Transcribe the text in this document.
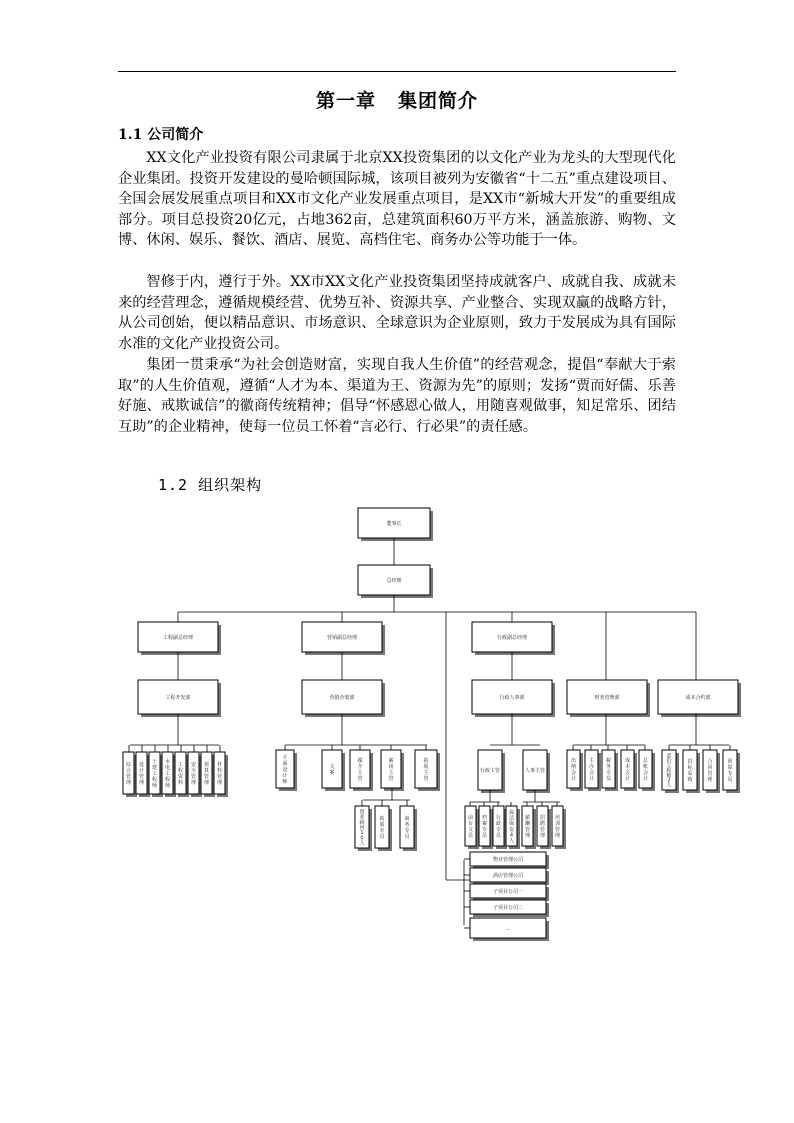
第一章 集团简介
1.1 公司简介

XX文化产业投资有限公司隶属于北京XX投资集团的以文化产业为龙头的大型现代化企业集团。投资开发建设的曼哈顿国际城，该项目被列为安徽省“十二五”重点建设项目、全国会展发展重点项目和XX市文化产业发展重点项目，是XX市“新城大开发”的重要组成部分。项目总投资20亿元，占地362亩，总建筑面积60万平方米，涵盖旅游、购物、文博、休闲、娱乐、餐饮、酒店、展览、高档住宅、商务办公等功能于一体。

智修于内，遵行于外。XX市XX文化产业投资集团坚持成就客户、成就自我、成就未来的经营理念，遵循规模经营、优势互补、资源共享、产业整合、实现双赢的战略方针，从公司创始，便以精品意识、市场意识、全球意识为企业原则，致力于发展成为具有国际水准的文化产业投资公司。

集团一贯秉承“为社会创造财富，实现自我人生价值”的经营观念，提倡“奉献大于索取”的人生价值观，遵循“人才为本、渠道为王、资源为先”的原则；发扬“贾而好儒、乐善好施、戒欺诚信”的徽商传统精神；倡导“怀感恩心做人，用随喜观做事，知足常乐、团结互助”的企业精神，使每一位员工怀着“言必行、行必果”的责任感。

1.2 组织架构
董事长
总经理
工程副总经理	营销副总经理	行政副总经理
工程开发部	营销企划部	行政人事部	财务管理部	成本合约部
综
合
管
理
设
计
管
理
土
建
工
程
师
水
电
工
程
师
工
程
资
料
安
全
管
理
预
算
管
理
材
料
管
理
平
面
设
计
师
文
案
媒
介
主
管
案
场
主
管
拓
展
主
管
置
业
顾
问
1
0
人
拓
展
专
员
商
务
专
员
行政主管	人事主管
前
台
文
员
档
案
专
员
行
政
专
员
保
洁
保
安
4
人
薪
酬
管
理
招
聘
管
理
培
训
管
理
出
纳
会
计
主
办
会
计
税
务
专
员
成
本
会
计
总
账
会
计
造
价
工
程
师
2
人
招
标
采
购
合
同
管
理
预
算
专
员
物业管理公司
酒店管理公司
子项目公司一
子项目公司二
...
